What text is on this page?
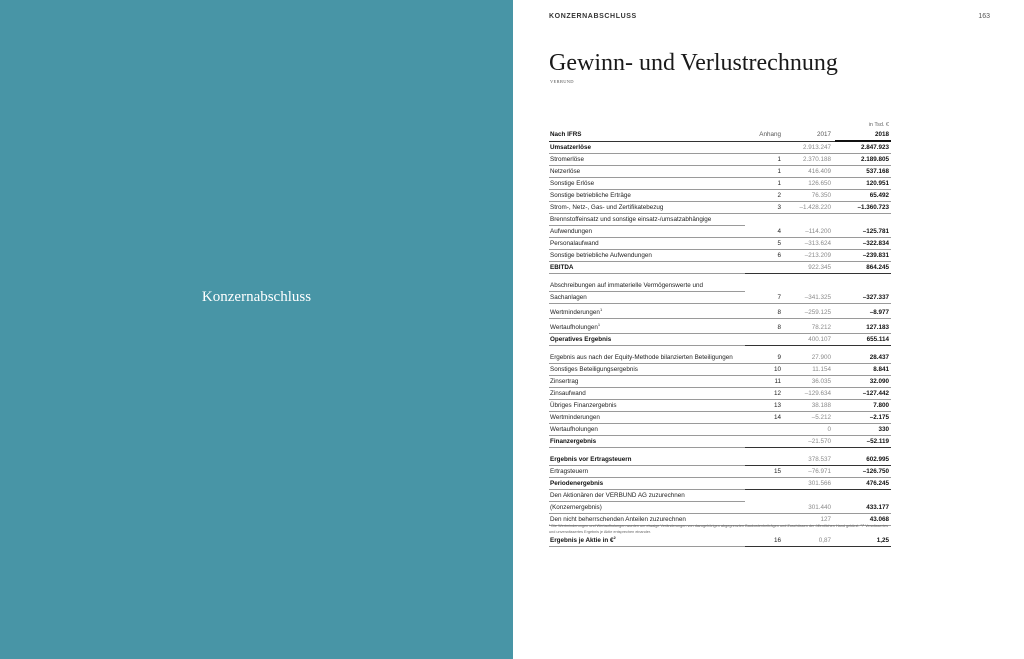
Konzernabschluss
KONZERNABSCHLUSS	163
Gewinn- und Verlustrechnung
VERBUND
in Tsd. €
Nach IFRS	Anhang	2017	2018
Umsatzerlöse		2.913.247	2.847.923
Stromerlöse	1	2.370.188	2.189.805
Netzerlöse	1	416.409	537.168
Sonstige Erlöse	1	126.650	120.951
Sonstige betriebliche Erträge	2	76.350	65.492
Strom-, Netz-, Gas- und Zertifikatebezug	3	–1.428.220	–1.360.723
Brennstoffeinsatz und sonstige einsatz-/umsatzabhängige			
Aufwendungen	4	–114.200	–125.781
Personalaufwand	5	–313.624	–322.834
Sonstige betriebliche Aufwendungen	6	–213.209	–239.831
EBITDA		922.345	864.245

Abschreibungen auf immaterielle Vermögenswerte und			
Sachanlagen	7	–341.325	–327.337
Wertminderungen$^1$	8	–259.125	–8.977
Wertaufholungen$^1$	8	78.212	127.183
Operatives Ergebnis		400.107	655.114

Ergebnis aus nach der Equity-Methode bilanzierten Beteiligungen	9	27.900	28.437
Sonstiges Beteiligungsergebnis	10	11.154	8.841
Zinsertrag	11	36.035	32.090
Zinsaufwand	12	–129.634	–127.442
Übriges Finanzergebnis	13	38.188	7.800
Wertminderungen	14	–5.212	–2.175
Wertaufholungen		0	330
Finanzergebnis		–21.570	–52.119

Ergebnis vor Ertragsteuern		378.537	602.995
Ertragsteuern	15	–76.971	–126.750
Periodenergebnis		301.566	476.245
Den Aktionären der VERBUND AG zuzurechnen			
(Konzernergebnis)		301.440	433.177
Den nicht beherrschenden Anteilen zuzurechnen		127	43.068

Ergebnis je Aktie in €$^2$	16	0,87	1,25
¹ Die Wertminderungen und Wertaufholungen wurden um etwaige Veränderungen von dazugehörigen abgegrenzten Baukostenbeiträgen und Zuschüssen der öffentlichen Hand gekürzt. ²/³ Verwässertes und unverwässertes Ergebnis je Aktie entsprechen einander.
